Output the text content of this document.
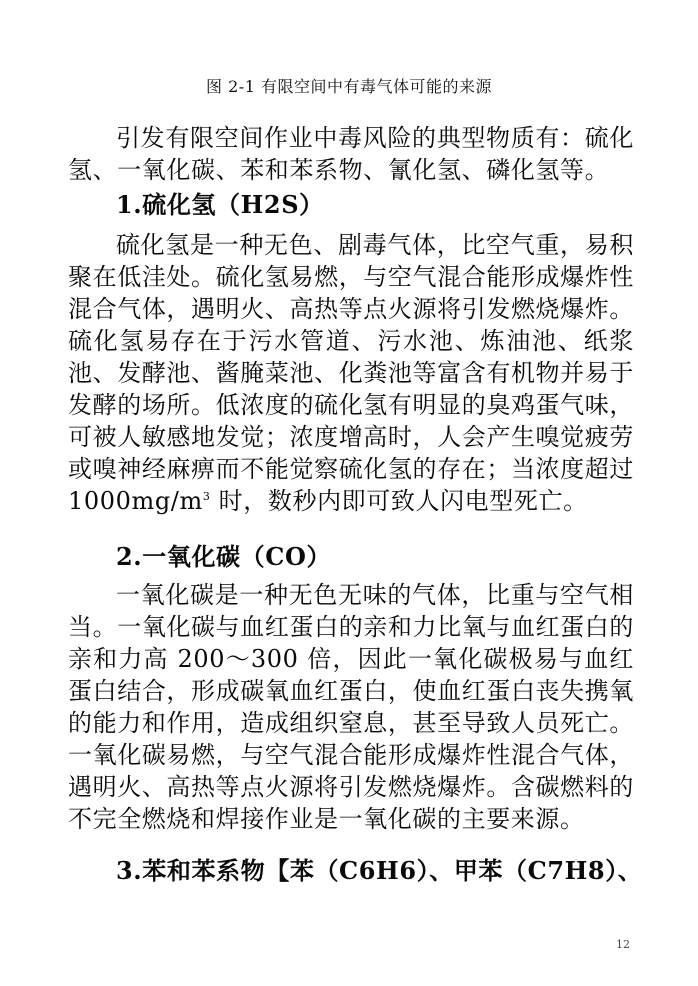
图 2-1 有限空间中有毒气体可能的来源

引发有限空间作业中毒风险的典型物质有：硫化氢、一氧化碳、苯和苯系物、氰化氢、磷化氢等。

1.硫化氢（H2S）

硫化氢是一种无色、剧毒气体，比空气重，易积聚在低洼处。硫化氢易燃，与空气混合能形成爆炸性混合气体，遇明火、高热等点火源将引发燃烧爆炸。硫化氢易存在于污水管道、污水池、炼油池、纸浆池、发酵池、酱腌菜池、化粪池等富含有机物并易于发酵的场所。低浓度的硫化氢有明显的臭鸡蛋气味，可被人敏感地发觉；浓度增高时，人会产生嗅觉疲劳或嗅神经麻痹而不能觉察硫化氢的存在；当浓度超过 $1000mg/m^3$ 时，数秒内即可致人闪电型死亡。

2.一氧化碳（CO）

一氧化碳是一种无色无味的气体，比重与空气相当。一氧化碳与血红蛋白的亲和力比氧与血红蛋白的亲和力高 200～300 倍，因此一氧化碳极易与血红蛋白结合，形成碳氧血红蛋白，使血红蛋白丧失携氧的能力和作用，造成组织窒息，甚至导致人员死亡。一氧化碳易燃，与空气混合能形成爆炸性混合气体，遇明火、高热等点火源将引发燃烧爆炸。含碳燃料的不完全燃烧和焊接作业是一氧化碳的主要来源。

3.苯和苯系物【苯（C6H6）、甲苯（C7H8）、
12
